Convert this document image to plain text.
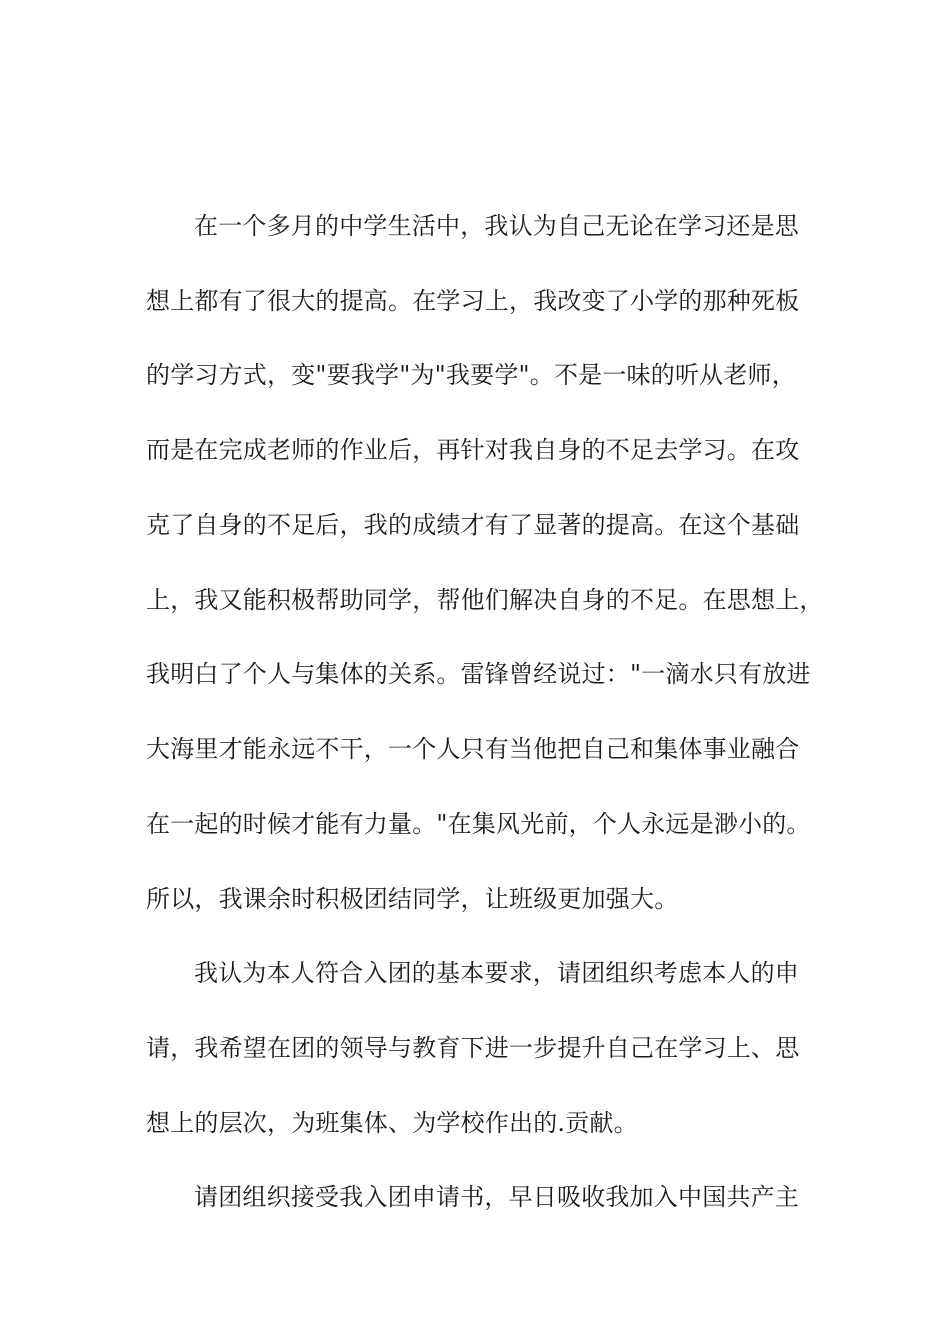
在一个多月的中学生活中，我认为自己无论在学习还是思
想上都有了很大的提高。在学习上，我改变了小学的那种死板
的学习方式，变"要我学"为"我要学"。不是一味的听从老师，
而是在完成老师的作业后，再针对我自身的不足去学习。在攻
克了自身的不足后，我的成绩才有了显著的提高。在这个基础
上，我又能积极帮助同学，帮他们解决自身的不足。在思想上，
我明白了个人与集体的关系。雷锋曾经说过："一滴水只有放进
大海里才能永远不干，一个人只有当他把自己和集体事业融合
在一起的时候才能有力量。"在集风光前，个人永远是渺小的。
所以，我课余时积极团结同学，让班级更加强大。
我认为本人符合入团的基本要求，请团组织考虑本人的申
请，我希望在团的领导与教育下进一步提升自己在学习上、思
想上的层次，为班集体、为学校作出的.贡献。
请团组织接受我入团申请书，早日吸收我加入中国共产主
